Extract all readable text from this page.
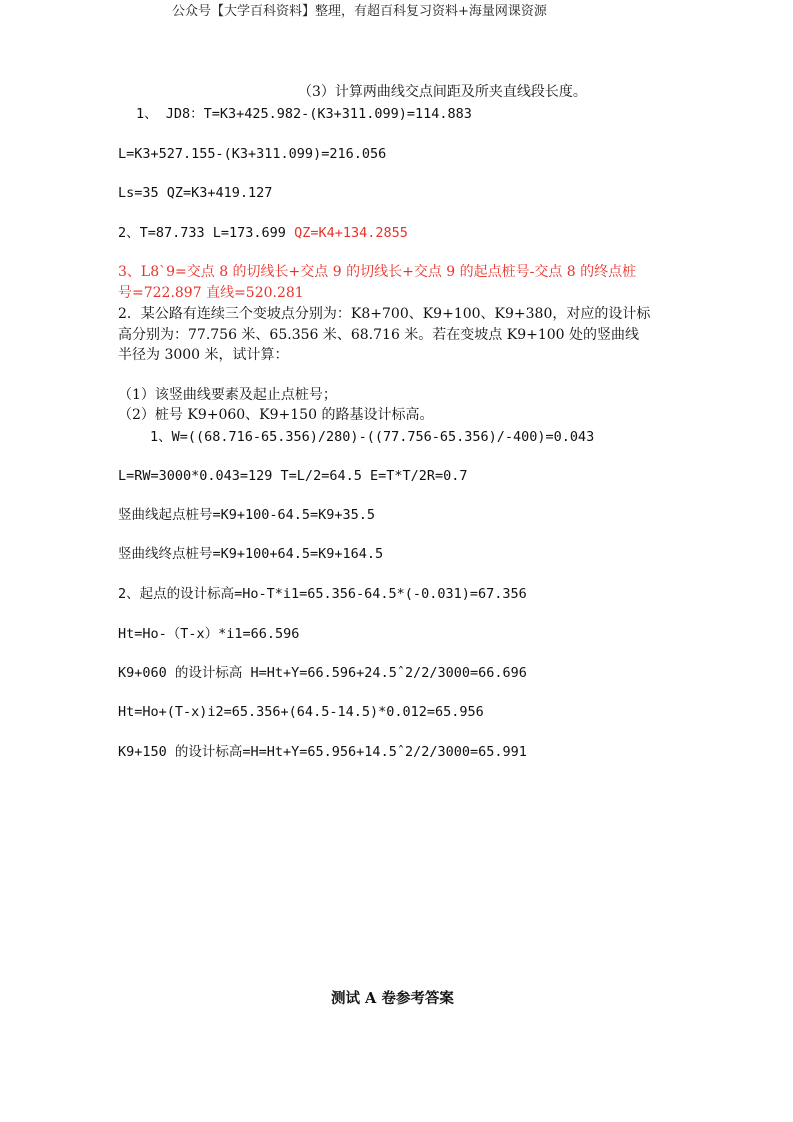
公众号【大学百科资料】整理，有超百科复习资料+海量网课资源
（3）计算两曲线交点间距及所夹直线段长度。
1、 JD8：T=K3+425.982-(K3+311.099)=114.883
L=K3+527.155-(K3+311.099)=216.056
Ls=35 QZ=K3+419.127
2、T=87.733 L=173.699 QZ=K4+134.2855
3、L8`9=交点 8 的切线长+交点 9 的切线长+交点 9 的起点桩号-交点 8 的终点桩
号=722.897 直线=520.281
2．某公路有连续三个变坡点分别为：K8+700、K9+100、K9+380，对应的设计标
高分别为：77.756 米、65.356 米、68.716 米。若在变坡点 K9+100 处的竖曲线
半径为 3000 米，试计算：
（1）该竖曲线要素及起止点桩号；
（2）桩号 K9+060、K9+150 的路基设计标高。
1、W=((68.716-65.356)/280)-((77.756-65.356)/-400)=0.043
L=RW=3000*0.043=129 T=L/2=64.5 E=T*T/2R=0.7
竖曲线起点桩号=K9+100-64.5=K9+35.5
竖曲线终点桩号=K9+100+64.5=K9+164.5
2、起点的设计标高=Ho-T*i1=65.356-64.5*(-0.031)=67.356
Ht=Ho-（T-x）*i1=66.596
K9+060 的设计标高 H=Ht+Y=66.596+24.5ˆ2/2/3000=66.696
Ht=Ho+(T-x)i2=65.356+(64.5-14.5)*0.012=65.956
K9+150 的设计标高=H=Ht+Y=65.956+14.5ˆ2/2/3000=65.991
测试 A 卷参考答案
